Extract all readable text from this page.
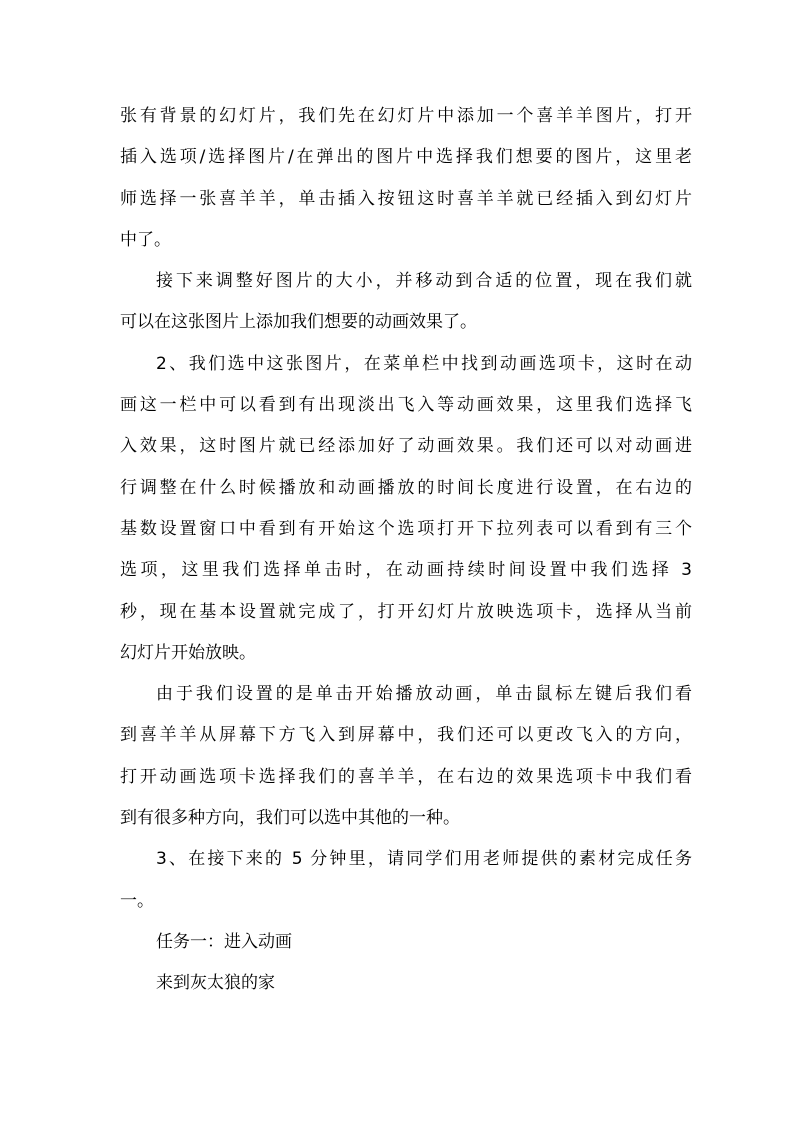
张有背景的幻灯片，我们先在幻灯片中添加一个喜羊羊图片，打开
插入选项/选择图片/在弹出的图片中选择我们想要的图片，这里老
师选择一张喜羊羊，单击插入按钮这时喜羊羊就已经插入到幻灯片
中了。
接下来调整好图片的大小，并移动到合适的位置，现在我们就
可以在这张图片上添加我们想要的动画效果了。
2、我们选中这张图片，在菜单栏中找到动画选项卡，这时在动
画这一栏中可以看到有出现淡出飞入等动画效果，这里我们选择飞
入效果，这时图片就已经添加好了动画效果。我们还可以对动画进
行调整在什么时候播放和动画播放的时间长度进行设置，在右边的
基数设置窗口中看到有开始这个选项打开下拉列表可以看到有三个
选项，这里我们选择单击时，在动画持续时间设置中我们选择 3
秒，现在基本设置就完成了，打开幻灯片放映选项卡，选择从当前
幻灯片开始放映。
由于我们设置的是单击开始播放动画，单击鼠标左键后我们看
到喜羊羊从屏幕下方飞入到屏幕中，我们还可以更改飞入的方向，
打开动画选项卡选择我们的喜羊羊，在右边的效果选项卡中我们看
到有很多种方向，我们可以选中其他的一种。
3、在接下来的 5 分钟里，请同学们用老师提供的素材完成任务
一。
任务一：进入动画
来到灰太狼的家
